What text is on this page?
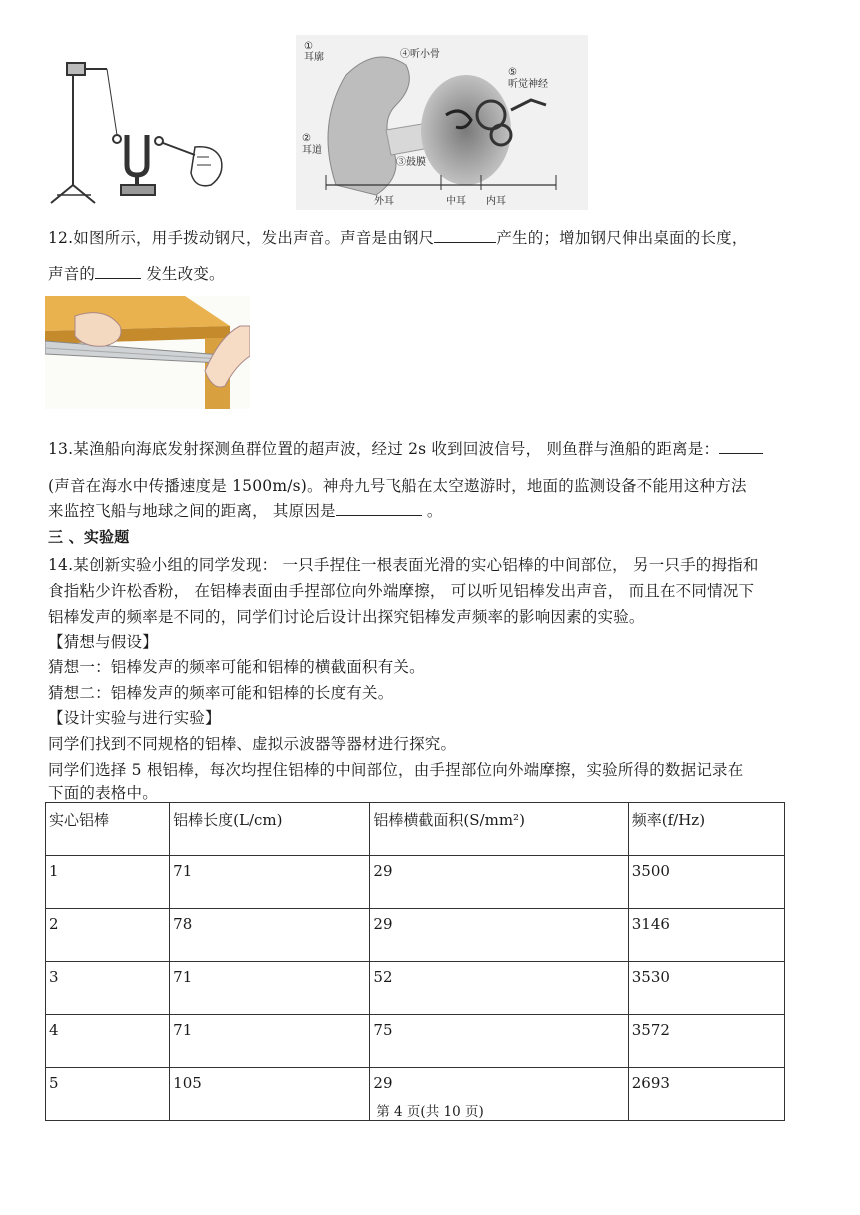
①
耳廓
②
耳道
④听小骨
⑤
听觉神经
③鼓膜
外耳	中耳 内耳
12.如图所示，用手拨动钢尺，发出声音。声音是由钢尺	产生的；增加钢尺伸出桌面的长度，
声音的	发生改变。
13.某渔船向海底发射探测鱼群位置的超声波，经过 2s 收到回波信号， 则鱼群与渔船的距离是：
(声音在海水中传播速度是 1500m/s)。神舟九号飞船在太空遨游时，地面的监测设备不能用这种方法
来监控飞船与地球之间的距离， 其原因是	。
三 、实验题
14.某创新实验小组的同学发现： 一只手捏住一根表面光滑的实心铝棒的中间部位， 另一只手的拇指和
食指粘少许松香粉， 在铝棒表面由手捏部位向外端摩擦， 可以听见铝棒发出声音， 而且在不同情况下
铝棒发声的频率是不同的，同学们讨论后设计出探究铝棒发声频率的影响因素的实验。
【猜想与假设】
猜想一：铝棒发声的频率可能和铝棒的横截面积有关。
猜想二：铝棒发声的频率可能和铝棒的长度有关。
【设计实验与进行实验】
同学们找到不同规格的铝棒、虚拟示波器等器材进行探究。
同学们选择 5 根铝棒，每次均捏住铝棒的中间部位，由手捏部位向外端摩擦，实验所得的数据记录在
下面的表格中。
实心铝棒	铝棒长度(L/cm)	铝棒横截面积(S/mm²)	频率(f/Hz)
1	71	29	3500
2	78	29	3146
3	71	52	3530
4	71	75	3572
5	105	29	2693
第 4 页(共 10 页)
